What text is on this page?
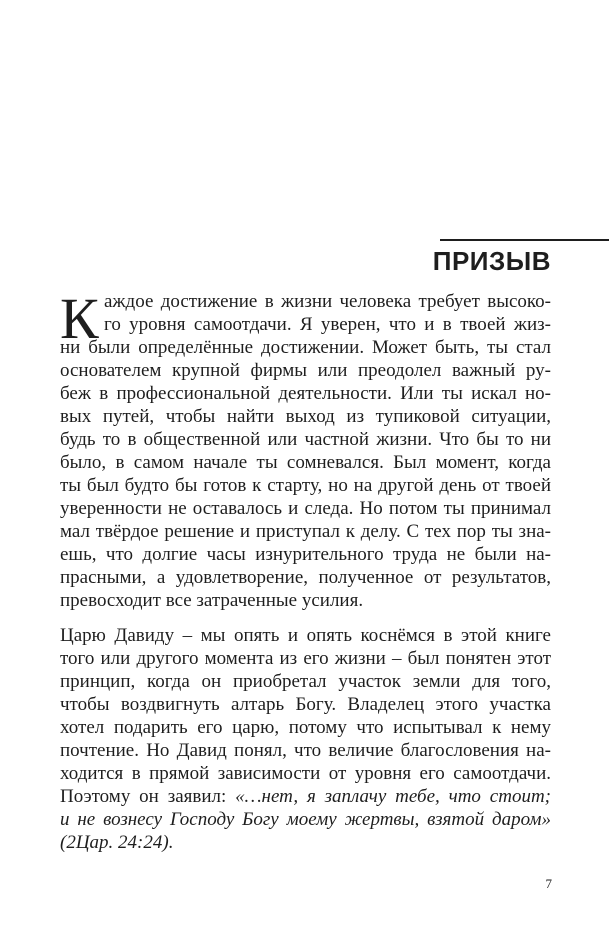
ПРИЗЫВ
К аждое достижение в жизни человека требует высоко-
го уровня самоотдачи. Я уверен, что и в твоей жиз-
ни были определённые достижении. Может быть, ты стал
основателем крупной фирмы или преодолел важный ру-
беж в профессиональной деятельности. Или ты искал но-
вых путей, чтобы найти выход из тупиковой ситуации,
будь то в общественной или частной жизни. Что бы то ни
было, в самом начале ты сомневался. Был момент, когда
ты был будто бы готов к старту, но на другой день от твоей
уверенности не оставалось и следа. Но потом ты принимал
мал твёрдое решение и приступал к делу. С тех пор ты зна-
ешь, что долгие часы изнурительного труда не были на-
прасными, а удовлетворение, полученное от результатов,
превосходит все затраченные усилия.
Царю Давиду – мы опять и опять коснёмся в этой книге
того или другого момента из его жизни – был понятен этот
принцип, когда он приобретал участок земли для того,
чтобы воздвигнуть алтарь Богу. Владелец этого участка
хотел подарить его царю, потому что испытывал к нему
почтение. Но Давид понял, что величие благословения на-
ходится в прямой зависимости от уровня его самоотдачи.
Поэтому он заявил: «…нет, я заплачу тебе, что стоит;
и не вознесу Господу Богу моему жертвы, взятой даром»
(2Цар. 24:24).
7
